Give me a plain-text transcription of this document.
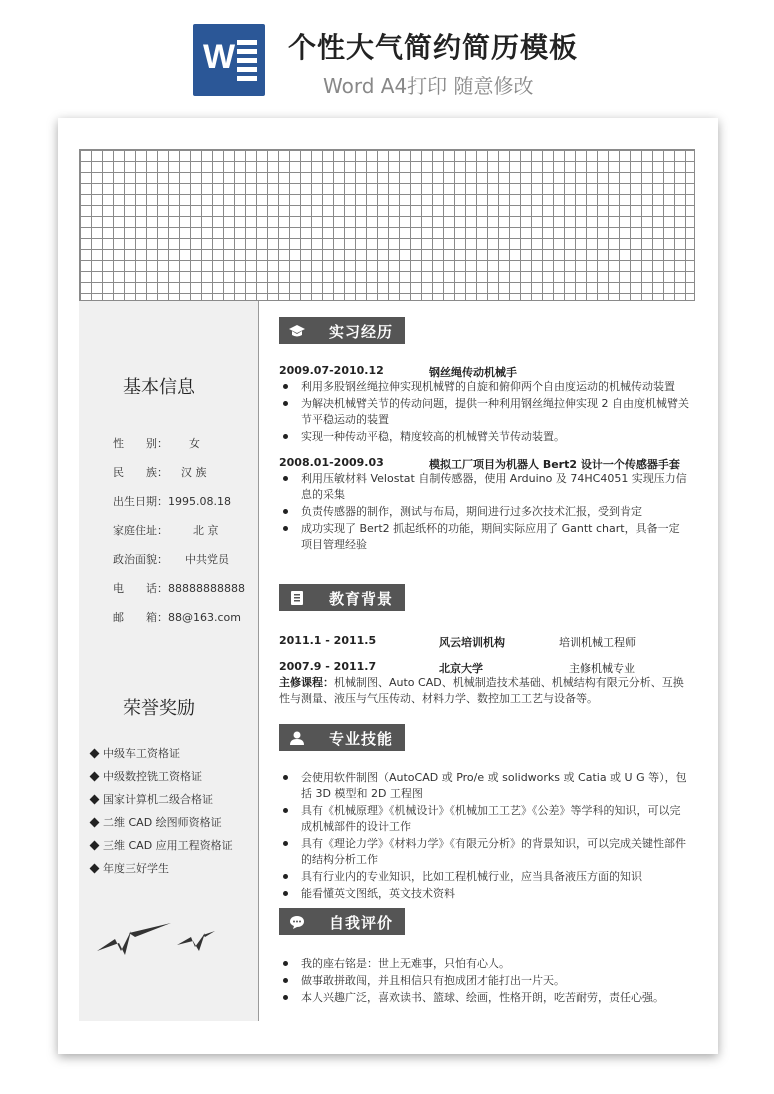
W 个性大气简约简历模板
Word A4打印 随意修改
基本信息
性　　别： 女
民　　族： 汉 族
出生日期：1995.08.18
家庭住址： 北 京
政治面貌： 中共党员
电　　话：88888888888
邮　　箱：88@163.com
荣誉奖励
中级车工资格证
中级数控铣工资格证
国家计算机二级合格证
二维 CAD 绘图师资格证
三维 CAD 应用工程资格证
年度三好学生
实习经历
2009.07-2010.12	钢丝绳传动机械手
利用多股钢丝绳拉伸实现机械臂的自旋和俯仰两个自由度运动的机械传动装置
为解决机械臂关节的传动问题，提供一种利用钢丝绳拉伸实现 2 自由度机械臂关节平稳运动的装置
实现一种传动平稳，精度较高的机械臂关节传动装置。
2008.01-2009.03	模拟工厂项目为机器人 Bert2 设计一个传感器手套
利用压敏材料 Velostat 自制传感器，使用 Arduino 及 74HC4051 实现压力信息的采集
负责传感器的制作，测试与布局，期间进行过多次技术汇报，受到肯定
成功实现了 Bert2 抓起纸杯的功能，期间实际应用了 Gantt chart，具备一定项目管理经验
教育背景
2011.1 - 2011.5	风云培训机构	培训机械工程师
2007.9 - 2011.7	北京大学	主修机械专业
主修课程：机械制图、Auto CAD、机械制造技术基础、机械结构有限元分析、互换性与测量、液压与气压传动、材料力学、数控加工工艺与设备等。
专业技能
会使用软件制图（AutoCAD 或 Pro/e 或 solidworks 或 Catia 或 U G 等），包括 3D 模型和 2D 工程图
具有《机械原理》《机械设计》《机械加工工艺》《公差》等学科的知识，可以完成机械部件的设计工作
具有《理论力学》《材料力学》《有限元分析》的背景知识，可以完成关键性部件的结构分析工作
具有行业内的专业知识，比如工程机械行业，应当具备液压方面的知识
能看懂英文图纸，英文技术资料
自我评价
我的座右铭是：世上无难事，只怕有心人。
做事敢拼敢闯，并且相信只有抱成团才能打出一片天。
本人兴趣广泛，喜欢读书、篮球、绘画，性格开朗，吃苦耐劳，责任心强。
